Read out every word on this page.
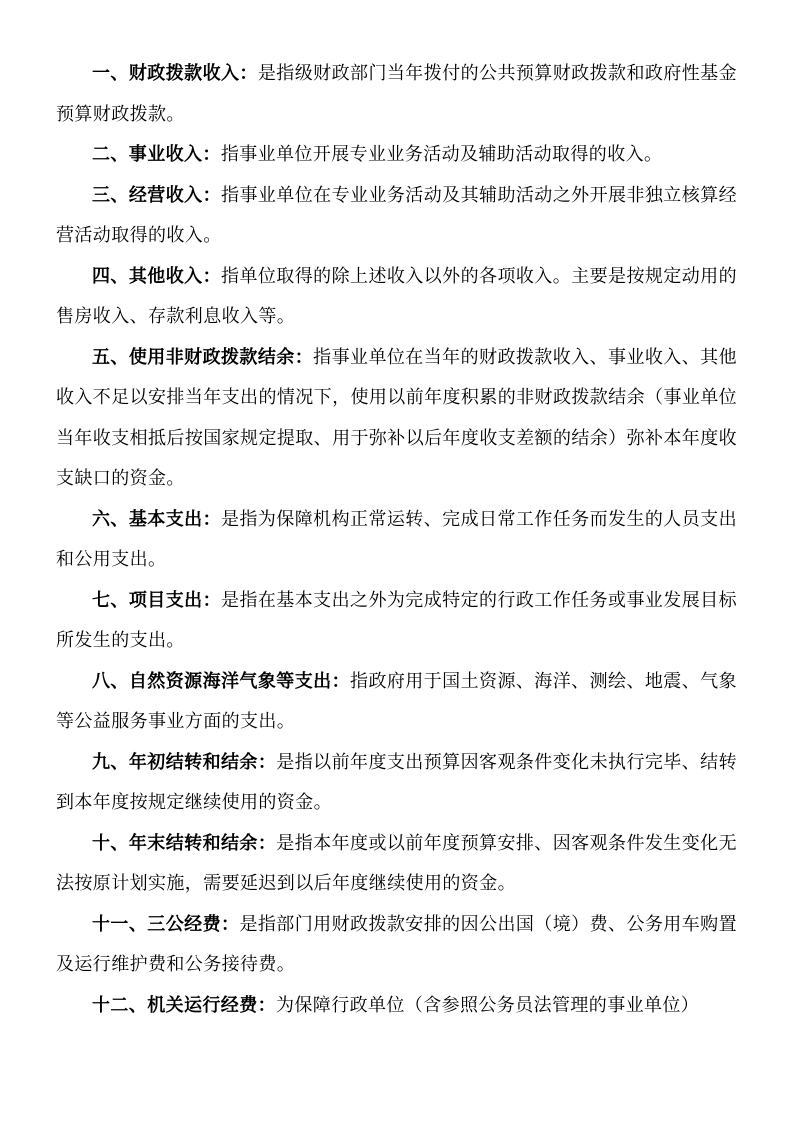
一、财政拨款收入：是指级财政部门当年拨付的公共预算财政拨款和政府性基金预算财政拨款。

二、事业收入：指事业单位开展专业业务活动及辅助活动取得的收入。

三、经营收入：指事业单位在专业业务活动及其辅助活动之外开展非独立核算经营活动取得的收入。

四、其他收入：指单位取得的除上述收入以外的各项收入。主要是按规定动用的售房收入、存款利息收入等。

五、使用非财政拨款结余：指事业单位在当年的财政拨款收入、事业收入、其他收入不足以安排当年支出的情况下，使用以前年度积累的非财政拨款结余（事业单位当年收支相抵后按国家规定提取、用于弥补以后年度收支差额的结余）弥补本年度收支缺口的资金。

六、基本支出：是指为保障机构正常运转、完成日常工作任务而发生的人员支出和公用支出。

七、项目支出：是指在基本支出之外为完成特定的行政工作任务或事业发展目标所发生的支出。

八、自然资源海洋气象等支出：指政府用于国土资源、海洋、测绘、地震、气象等公益服务事业方面的支出。

九、年初结转和结余：是指以前年度支出预算因客观条件变化未执行完毕、结转到本年度按规定继续使用的资金。

十、年末结转和结余：是指本年度或以前年度预算安排、因客观条件发生变化无法按原计划实施，需要延迟到以后年度继续使用的资金。

十一、三公经费：是指部门用财政拨款安排的因公出国（境）费、公务用车购置及运行维护费和公务接待费。

十二、机关运行经费：为保障行政单位（含参照公务员法管理的事业单位）
